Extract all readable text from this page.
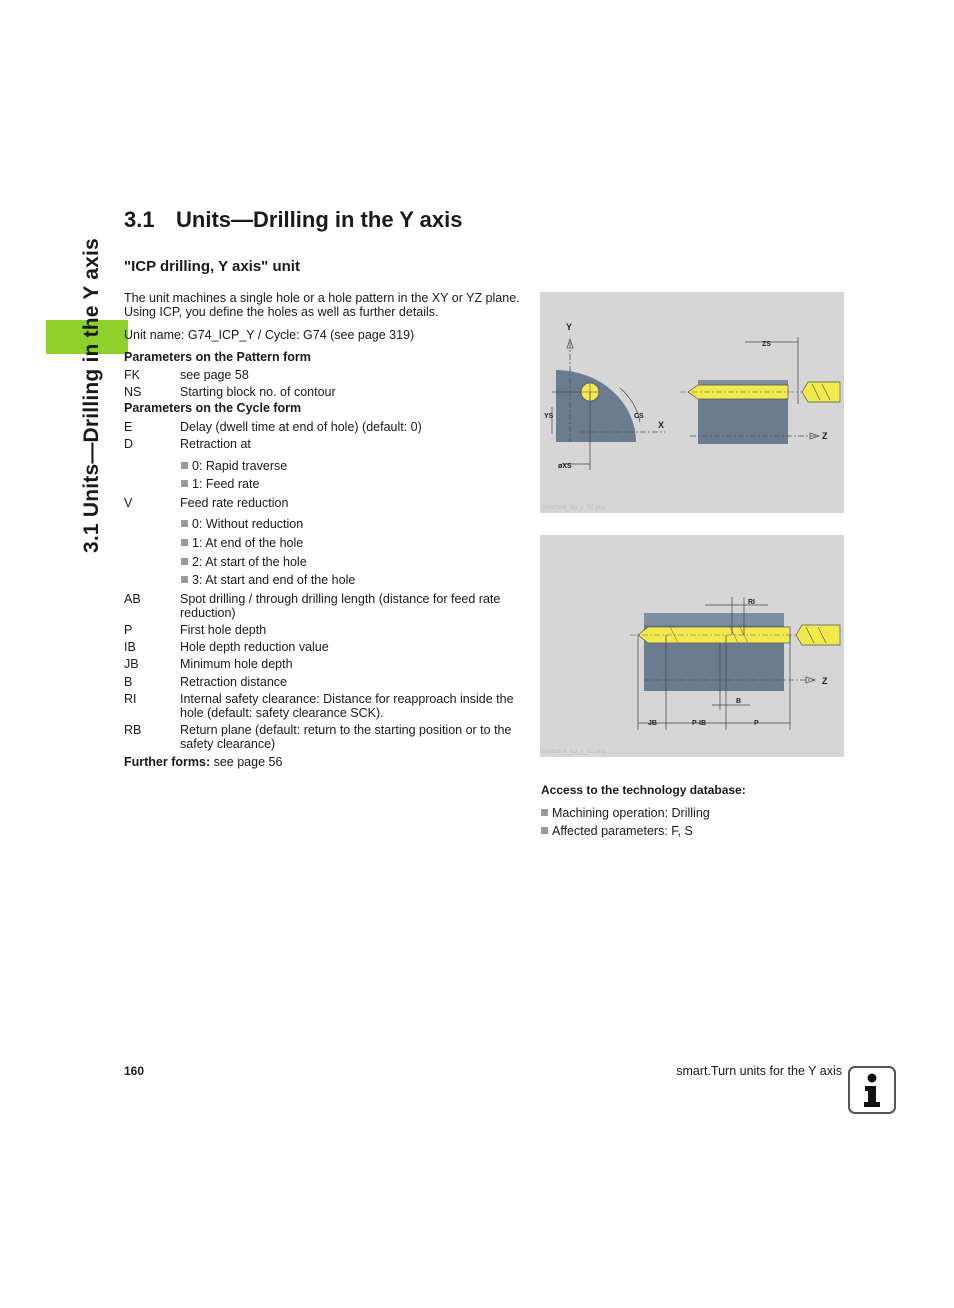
3.1 Units—Drilling in the Y axis
3.1 Units—Drilling in the Y axis
"ICP drilling, Y axis" unit
The unit machines a single hole or a hole pattern in the XY or YZ plane. Using ICP, you define the holes as well as further details.
Unit name: G74_ICP_Y / Cycle: G74 (see page 319)
Parameters on the Pattern form
FK	see page 58
NS	Starting block no. of contour
Parameters on the Cycle form
E	Delay (dwell time at end of hole) (default: 0)
D	Retraction at
0: Rapid traverse
1: Feed rate
V	Feed rate reduction
0: Without reduction
1: At end of the hole
2: At start of the hole
3: At start and end of the hole
AB	Spot drilling / through drilling length (distance for feed rate reduction)
P	First hole depth
IB	Hole depth reduction value
JB	Minimum hole depth
B	Retraction distance
RI	Internal safety clearance: Distance for reapproach inside the hole (default: safety clearance SCK).
RB	Return plane (default: return to the starting position or to the safety clearance)
Further forms: see page 56
Y
øXS
YS	CS
X
Z
ZS
smartdrill_icp_y_01.png
Z
RI
JB	P-IB	P
B
smartdrill_icp_y_02.png
Access to the technology database:
Machining operation: Drilling
Affected parameters: F, S
160	smart.Turn units for the Y axis
